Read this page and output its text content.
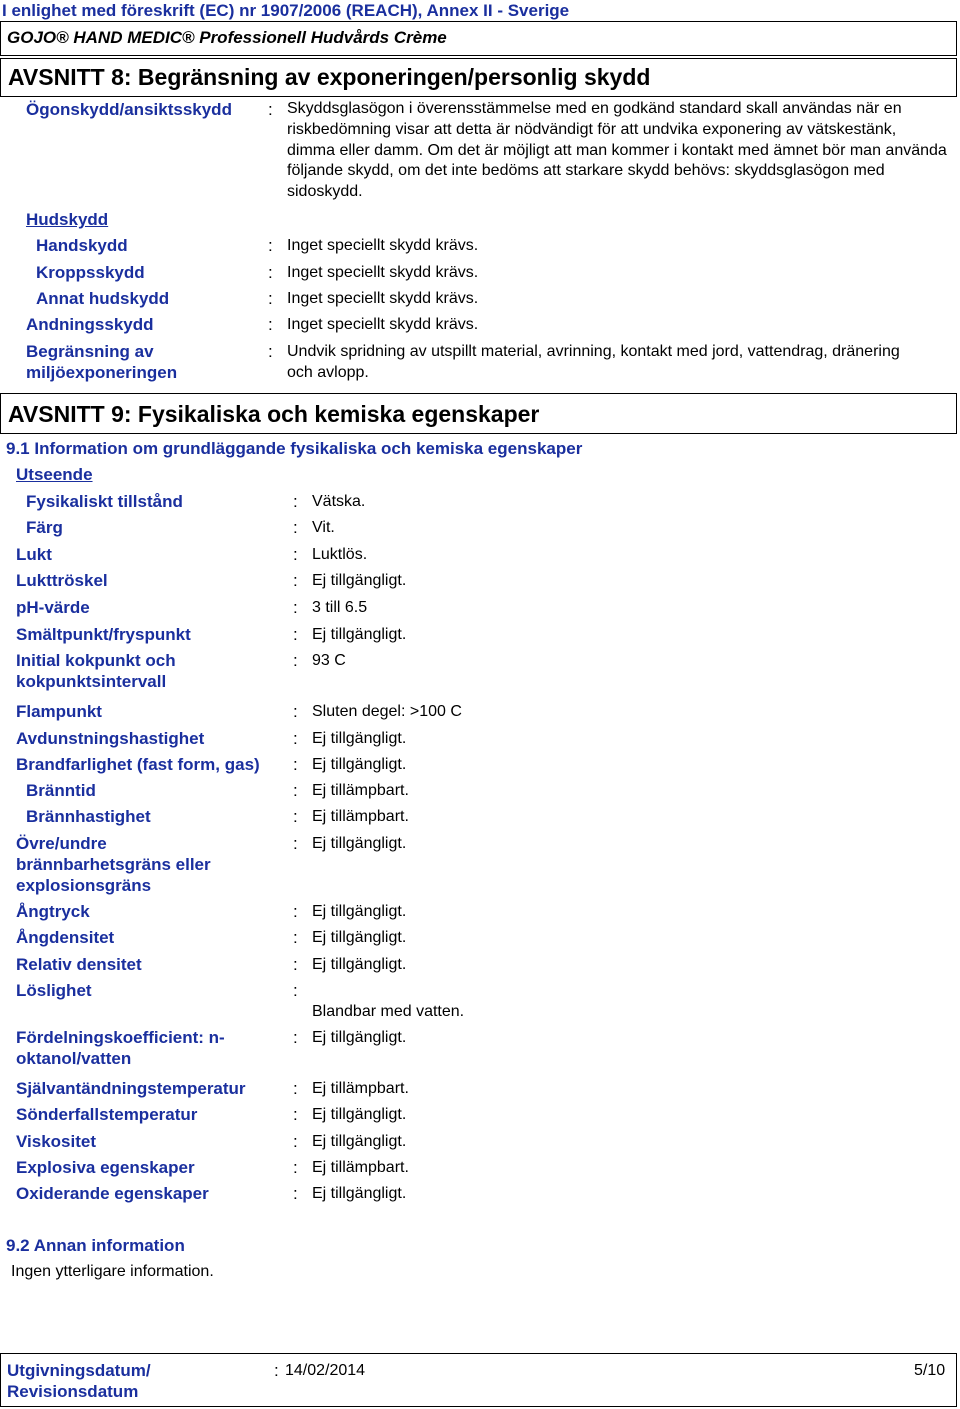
I enlighet med föreskrift (EC) nr 1907/2006 (REACH), Annex II - Sverige
GOJO® HAND MEDIC® Professionell Hudvårds Crème
AVSNITT 8: Begränsning av exponeringen/personlig skydd
Ögonskydd/ansiktsskydd : Skyddsglasögon i överensstämmelse med en godkänd standard skall användas när en riskbedömning visar att detta är nödvändigt för att undvika exponering av vätskestänk, dimma eller damm. Om det är möjligt att man kommer i kontakt med ämnet bör man använda följande skydd, om det inte bedöms att starkare skydd behövs: skyddsglasögon med sidoskydd.
Hudskydd
Handskydd	: Inget speciellt skydd krävs.
Kroppsskydd	: Inget speciellt skydd krävs.
Annat hudskydd	: Inget speciellt skydd krävs.
Andningsskydd	: Inget speciellt skydd krävs.
Begränsning av
miljöexponeringen
: Undvik spridning av utspillt material, avrinning, kontakt med jord, vattendrag, dränering och avlopp.
AVSNITT 9: Fysikaliska och kemiska egenskaper
9.1 Information om grundläggande fysikaliska och kemiska egenskaper
Utseende
Fysikaliskt tillstånd	: Vätska.
Färg	: Vit.
Lukt	: Luktlös.
Lukttröskel	: Ej tillgängligt.
pH-värde	: 3 till 6.5
Smältpunkt/fryspunkt	: Ej tillgängligt.
Initial kokpunkt och kokpunktsintervall
: 93 C
Flampunkt	: Sluten degel: >100 C
Avdunstningshastighet	: Ej tillgängligt.
Brandfarlighet (fast form, gas)	: Ej tillgängligt.
Bränntid	: Ej tillämpbart.
Brännhastighet	: Ej tillämpbart.
Övre/undre brännbarhetsgräns eller explosionsgräns
: Ej tillgängligt.
Ångtryck	: Ej tillgängligt.
Ångdensitet	: Ej tillgängligt.
Relativ densitet	: Ej tillgängligt.
Löslighet	:
Blandbar med vatten.
Fördelningskoefficient: n-oktanol/vatten
: Ej tillgängligt.
Självantändningstemperatur	: Ej tillämpbart.
Sönderfallstemperatur	: Ej tillgängligt.
Viskositet	: Ej tillgängligt.
Explosiva egenskaper	: Ej tillämpbart.
Oxiderande egenskaper	: Ej tillgängligt.
9.2 Annan information
Ingen ytterligare information.
Utgivningsdatum/
Revisionsdatum
: 14/02/2014	5/10
